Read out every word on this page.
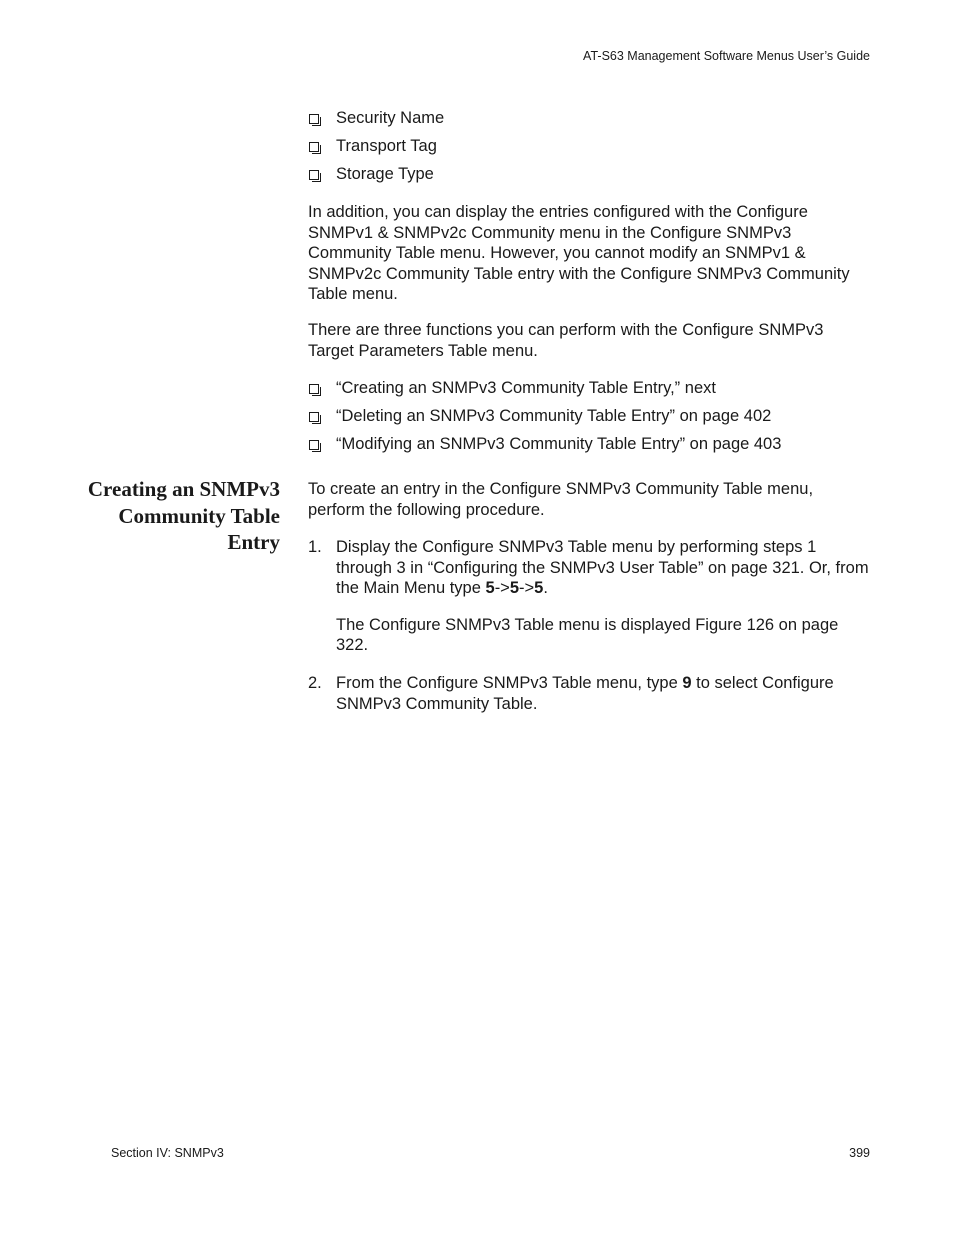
AT-S63 Management Software Menus User’s Guide
Security Name
Transport Tag
Storage Type

In addition, you can display the entries configured with the Configure SNMPv1 & SNMPv2c Community menu in the Configure SNMPv3 Community Table menu. However, you cannot modify an SNMPv1 & SNMPv2c Community Table entry with the Configure SNMPv3 Community Table menu.

There are three functions you can perform with the Configure SNMPv3 Target Parameters Table menu.

“Creating an SNMPv3 Community Table Entry,” next
“Deleting an SNMPv3 Community Table Entry” on page 402
“Modifying an SNMPv3 Community Table Entry” on page 403
Creating an SNMPv3 Community Table Entry

To create an entry in the Configure SNMPv3 Community Table menu, perform the following procedure.

1. Display the Configure SNMPv3 Table menu by performing steps 1 through 3 in “Configuring the SNMPv3 User Table” on page 321. Or, from the Main Menu type 5->5->5.

The Configure SNMPv3 Table menu is displayed Figure 126 on page 322.

2. From the Configure SNMPv3 Table menu, type 9 to select Configure SNMPv3 Community Table.

Section IV: SNMPv3	399
